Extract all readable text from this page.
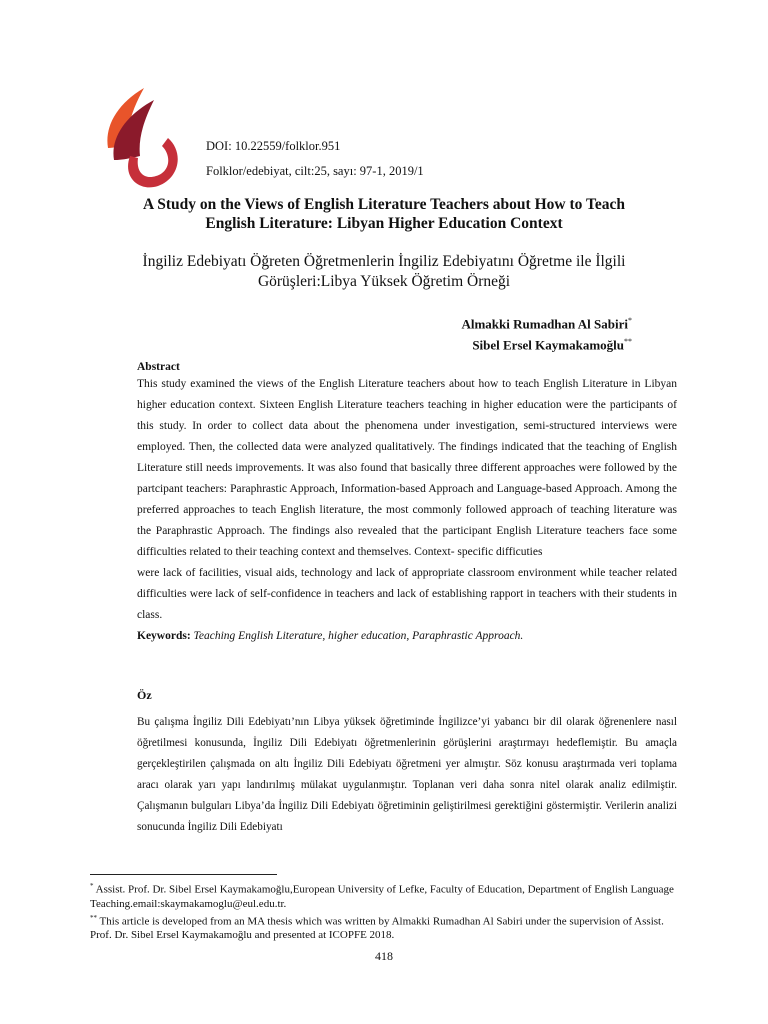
DOI: 10.22559/folklor.951
Folklor/edebiyat, cilt:25, sayı: 97-1, 2019/1
A Study on the Views of English Literature Teachers about How to Teach
English Literature: Libyan Higher Education Context
İngiliz Edebiyatı Öğreten Öğretmenlerin İngiliz Edebiyatını Öğretme ile İlgili
Görüşleri:Libya Yüksek Öğretim Örneği
Almakki Rumadhan Al Sabiri*
Sibel Ersel Kaymakamoğlu**
Abstract

This study examined the views of the English Literature teachers about how to teach English Literature in Libyan higher education context. Sixteen English Literature teachers teaching in higher education were the participants of this study. In order to collect data about the phenomena under investigation, semi-structured interviews were employed. Then, the collected data were analyzed qualitatively. The findings indicated that the teaching of English Literature still needs improvements. It was also found that basically three different approaches were followed by the partcipant teachers: Paraphrastic Approach, Information-based Approach and Language-based Approach. Among the preferred approaches to teach English literature, the most commonly followed approach of teaching literature was the Paraphrastic Approach. The findings also revealed that the participant English Literature teachers face some difficulties related to their teaching context and themselves. Context- specific difficuties

were lack of facilities, visual aids, technology and lack of appropriate classroom environment while teacher related difficulties were lack of self-confidence in teachers and lack of establishing rapport in teachers with their students in class.

Keywords: Teaching English Literature, higher education, Paraphrastic Approach.

Öz
Bu çalışma İngiliz Dili Edebiyatı’nın Libya yüksek öğretiminde İngilizce’yi yabancı bir dil olarak öğrenenlere nasıl öğretilmesi konusunda, İngiliz Dili Edebiyatı öğretmenlerinin görüşlerini araştırmayı hedeflemiştir. Bu amaçla gerçekleştirilen çalışmada on altı İngiliz Dili Edebiyatı öğretmeni yer almıştır. Söz konusu araştırmada veri toplama aracı olarak yarı yapı landırılmış mülakat uygulanmıştır. Toplanan veri daha sonra nitel olarak analiz edilmiştir. Çalışmanın bulguları Libya’da İngiliz Dili Edebiyatı öğretiminin geliştirilmesi gerektiğini göstermiştir. Verilerin analizi sonucunda İngiliz Dili Edebiyatı

* Assist. Prof. Dr. Sibel Ersel Kaymakamoğlu,European University of Lefke, Faculty of Education, Department of English Language Teaching.email:skaymakamoglu@eul.edu.tr.

** This article is developed from an MA thesis which was written by Almakki Rumadhan Al Sabiri under the supervision of Assist. Prof. Dr. Sibel Ersel Kaymakamoğlu and presented at ICOPFE 2018.

418
